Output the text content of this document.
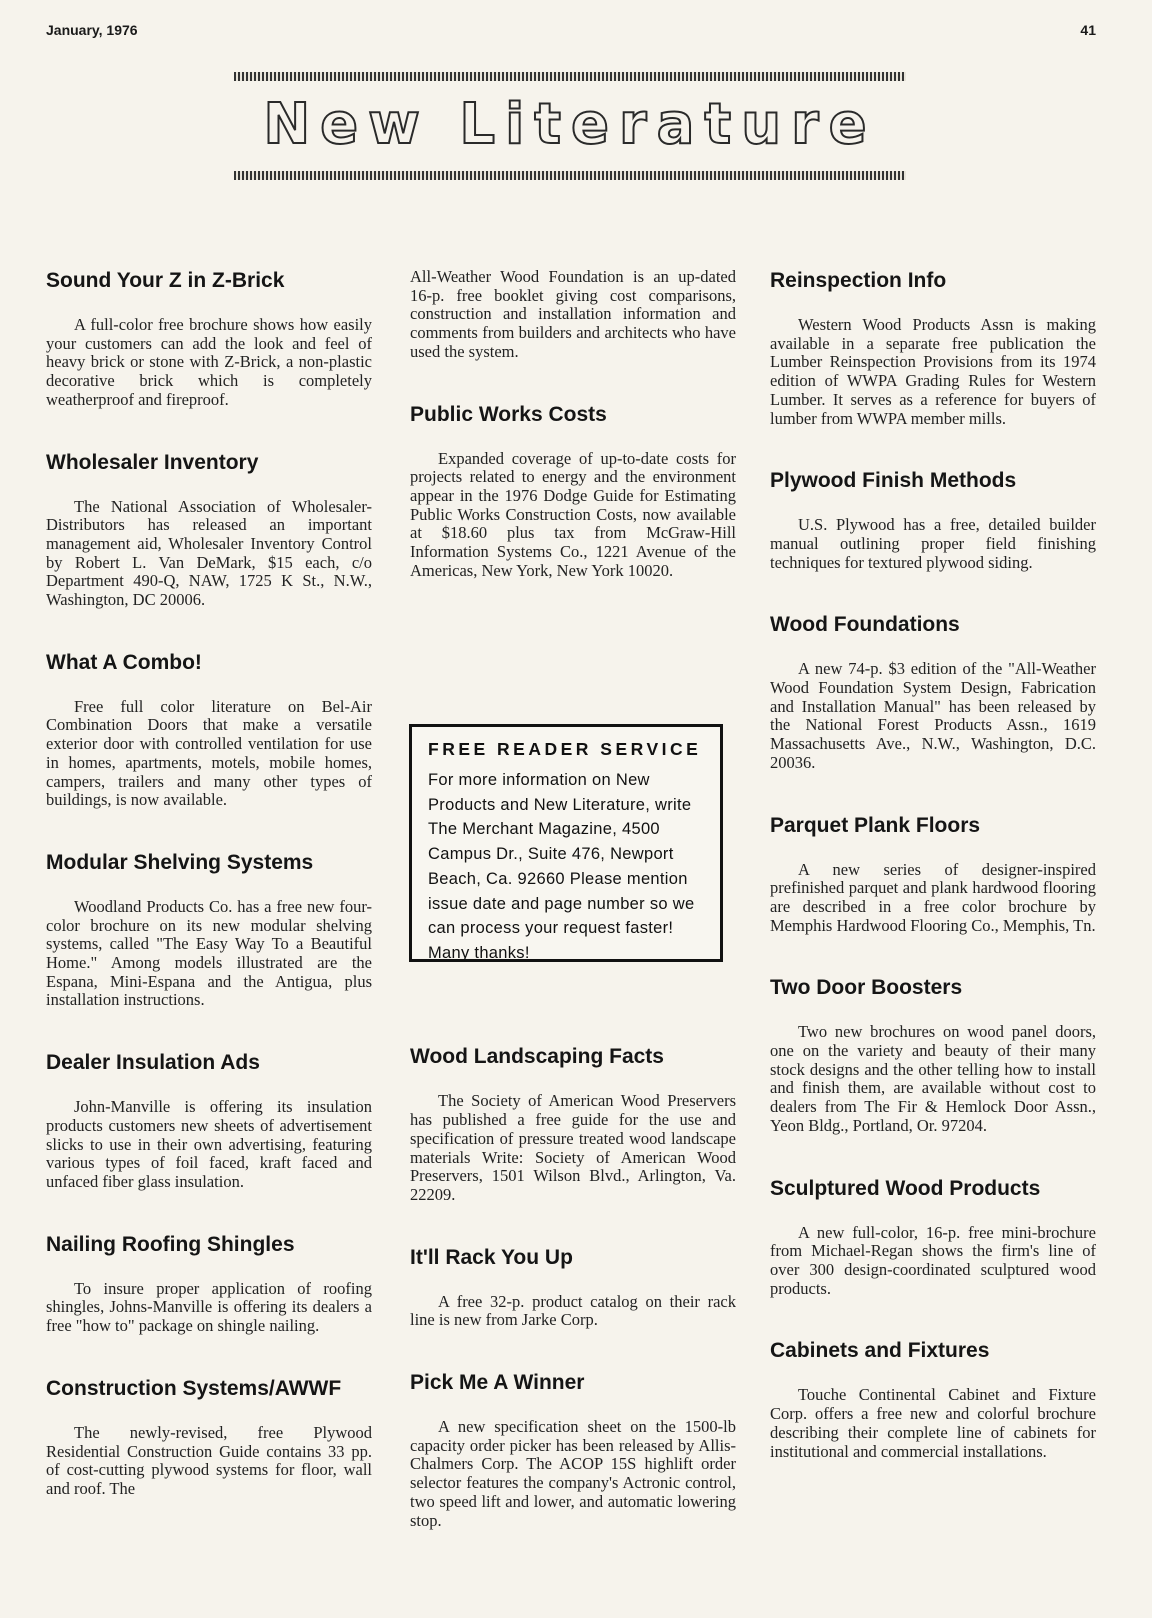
January, 1976	41
New Literature
Sound Your Z in Z-Brick

A full-color free brochure shows how easily your customers can add the look and feel of heavy brick or stone with Z-Brick, a non-plastic decorative brick which is completely weatherproof and fireproof.

Wholesaler Inventory

The National Association of Wholesaler-Distributors has released an important management aid, Wholesaler Inventory Control by Robert L. Van DeMark, $15 each, c/o Department 490-Q, NAW, 1725 K St., N.W., Washington, DC 20006.

What A Combo!

Free full color literature on Bel-Air Combination Doors that make a versatile exterior door with controlled ventilation for use in homes, apartments, motels, mobile homes, campers, trailers and many other types of buildings, is now available.

Modular Shelving Systems

Woodland Products Co. has a free new four-color brochure on its new modular shelving systems, called "The Easy Way To a Beautiful Home." Among models illustrated are the Espana, Mini-Espana and the Antigua, plus installation instructions.

Dealer Insulation Ads

John-Manville is offering its insulation products customers new sheets of advertisement slicks to use in their own advertising, featuring various types of foil faced, kraft faced and unfaced fiber glass insulation.

Nailing Roofing Shingles

To insure proper application of roofing shingles, Johns-Manville is offering its dealers a free "how to" package on shingle nailing.

Construction Systems/AWWF

The newly-revised, free Plywood Residential Construction Guide contains 33 pp. of cost-cutting plywood systems for floor, wall and roof. The

All-Weather Wood Foundation is an up-dated 16-p. free booklet giving cost comparisons, construction and installation information and comments from builders and architects who have used the system.

Public Works Costs

Expanded coverage of up-to-date costs for projects related to energy and the environment appear in the 1976 Dodge Guide for Estimating Public Works Construction Costs, now available at $18.60 plus tax from McGraw-Hill Information Systems Co., 1221 Avenue of the Americas, New York, New York 10020.

Wood Landscaping Facts

The Society of American Wood Preservers has published a free guide for the use and specification of pressure treated wood landscape materials Write: Society of American Wood Preservers, 1501 Wilson Blvd., Arlington, Va. 22209.

It'll Rack You Up

A free 32-p. product catalog on their rack line is new from Jarke Corp.

Pick Me A Winner

A new specification sheet on the 1500-lb capacity order picker has been released by Allis-Chalmers Corp. The ACOP 15S highlift order selector features the company's Actronic control, two speed lift and lower, and automatic lowering stop.

FREE READER SERVICE

For more information on New Products and New Literature, write The Merchant Magazine, 4500 Campus Dr., Suite 476, Newport Beach, Ca. 92660 Please mention issue date and page number so we can process your request faster! Many thanks!

Reinspection Info

Western Wood Products Assn is making available in a separate free publication the Lumber Reinspection Provisions from its 1974 edition of WWPA Grading Rules for Western Lumber. It serves as a reference for buyers of lumber from WWPA member mills.

Plywood Finish Methods

U.S. Plywood has a free, detailed builder manual outlining proper field finishing techniques for textured plywood siding.

Wood Foundations

A new 74-p. $3 edition of the "All-Weather Wood Foundation System Design, Fabrication and Installation Manual" has been released by the National Forest Products Assn., 1619 Massachusetts Ave., N.W., Washington, D.C. 20036.

Parquet Plank Floors

A new series of designer-inspired prefinished parquet and plank hardwood flooring are described in a free color brochure by Memphis Hardwood Flooring Co., Memphis, Tn.

Two Door Boosters

Two new brochures on wood panel doors, one on the variety and beauty of their many stock designs and the other telling how to install and finish them, are available without cost to dealers from The Fir & Hemlock Door Assn., Yeon Bldg., Portland, Or. 97204.

Sculptured Wood Products

A new full-color, 16-p. free mini-brochure from Michael-Regan shows the firm's line of over 300 design-coordinated sculptured wood products.

Cabinets and Fixtures

Touche Continental Cabinet and Fixture Corp. offers a free new and colorful brochure describing their complete line of cabinets for institutional and commercial installations.
